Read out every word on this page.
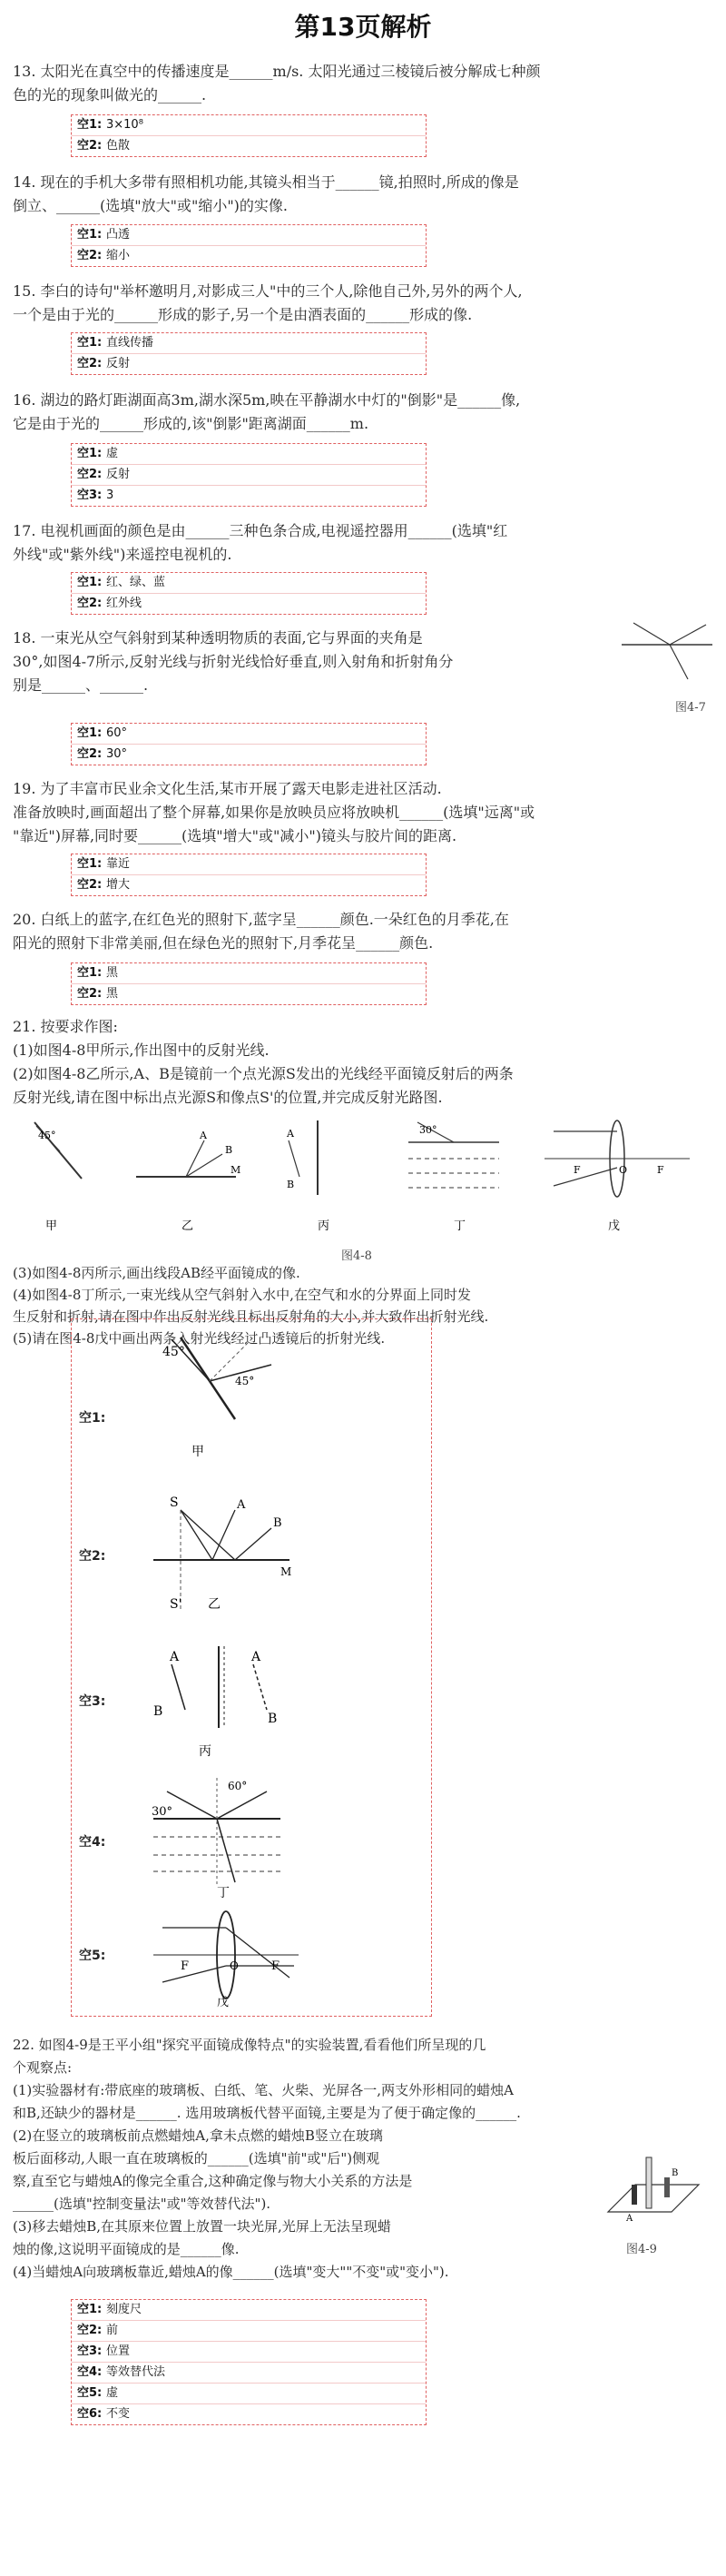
第13页解析

13. 太阳光在真空中的传播速度是______m/s. 太阳光通过三棱镜后被分解成七种颜

色的光的现象叫做光的______.

空1: 3×10⁸
空2: 色散

14. 现在的手机大多带有照相机功能,其镜头相当于______镜,拍照时,所成的像是

倒立、______(选填"放大"或"缩小")的实像.

空1: 凸透
空2: 缩小

15. 李白的诗句"举杯邀明月,对影成三人"中的三个人,除他自己外,另外的两个人,

一个是由于光的______形成的影子,另一个是由酒表面的______形成的像.

空1: 直线传播
空2: 反射

16. 湖边的路灯距湖面高3m,湖水深5m,映在平静湖水中灯的"倒影"是______像,

它是由于光的______形成的,该"倒影"距离湖面______m.

空1: 虚
空2: 反射
空3: 3

17. 电视机画面的颜色是由______三种色条合成,电视遥控器用______(选填"红

外线"或"紫外线")来遥控电视机的.

空1: 红、绿、蓝
空2: 红外线

18. 一束光从空气斜射到某种透明物质的表面,它与界面的夹角是

30°,如图4-7所示,反射光线与折射光线恰好垂直,则入射角和折射角分

别是______、______.

图4-7
空1: 60°
空2: 30°

19. 为了丰富市民业余文化生活,某市开展了露天电影走进社区活动.

准备放映时,画面超出了整个屏幕,如果你是放映员应将放映机______(选填"远离"或

"靠近")屏幕,同时要______(选填"增大"或"减小")镜头与胶片间的距离.

空1: 靠近
空2: 增大

20. 白纸上的蓝字,在红色光的照射下,蓝字呈______颜色.一朵红色的月季花,在

阳光的照射下非常美丽,但在绿色光的照射下,月季花呈______颜色.

空1: 黑
空2: 黑

21. 按要求作图:

(1)如图4-8甲所示,作出图中的反射光线.

(2)如图4-8乙所示,A、B是镜前一个点光源S发出的光线经平面镜反射后的两条

反射光线,请在图中标出点光源S和像点S'的位置,并完成反射光路图.

45°
甲
A
B
M
乙
A
B
丙
30°
丁
F	O	F
戊
图4-8

(3)如图4-8丙所示,画出线段AB经平面镜成的像.

(4)如图4-8丁所示,一束光线从空气斜射入水中,在空气和水的分界面上同时发

生反射和折射,请在图中作出反射光线且标出反射角的大小,并大致作出折射光线.

(5)请在图4-8戊中画出两条入射光线经过凸透镜后的折射光线.

空1:
45°
45°
甲
空2:
S	A
B
M
S' 乙
空3:
A
B
A
B
丙
空4:
30°
60°
丁
空5:
F	O	F
戊

22. 如图4-9是王平小组"探究平面镜成像特点"的实验装置,看看他们所呈现的几

个观察点:

(1)实验器材有:带底座的玻璃板、白纸、笔、火柴、光屏各一,两支外形相同的蜡烛A

和B,还缺少的器材是______. 选用玻璃板代替平面镜,主要是为了便于确定像的______.

(2)在竖立的玻璃板前点燃蜡烛A,拿未点燃的蜡烛B竖立在玻璃

板后面移动,人眼一直在玻璃板的______(选填"前"或"后")侧观

察,直至它与蜡烛A的像完全重合,这种确定像与物大小关系的方法是

______(选填"控制变量法"或"等效替代法").

(3)移去蜡烛B,在其原来位置上放置一块光屏,光屏上无法呈现蜡

烛的像,这说明平面镜成的是______像.

(4)当蜡烛A向玻璃板靠近,蜡烛A的像______(选填"变大""不变"或"变小").

A
B
图4-9
空1: 刻度尺
空2: 前
空3: 位置
空4: 等效替代法
空5: 虚
空6: 不变
